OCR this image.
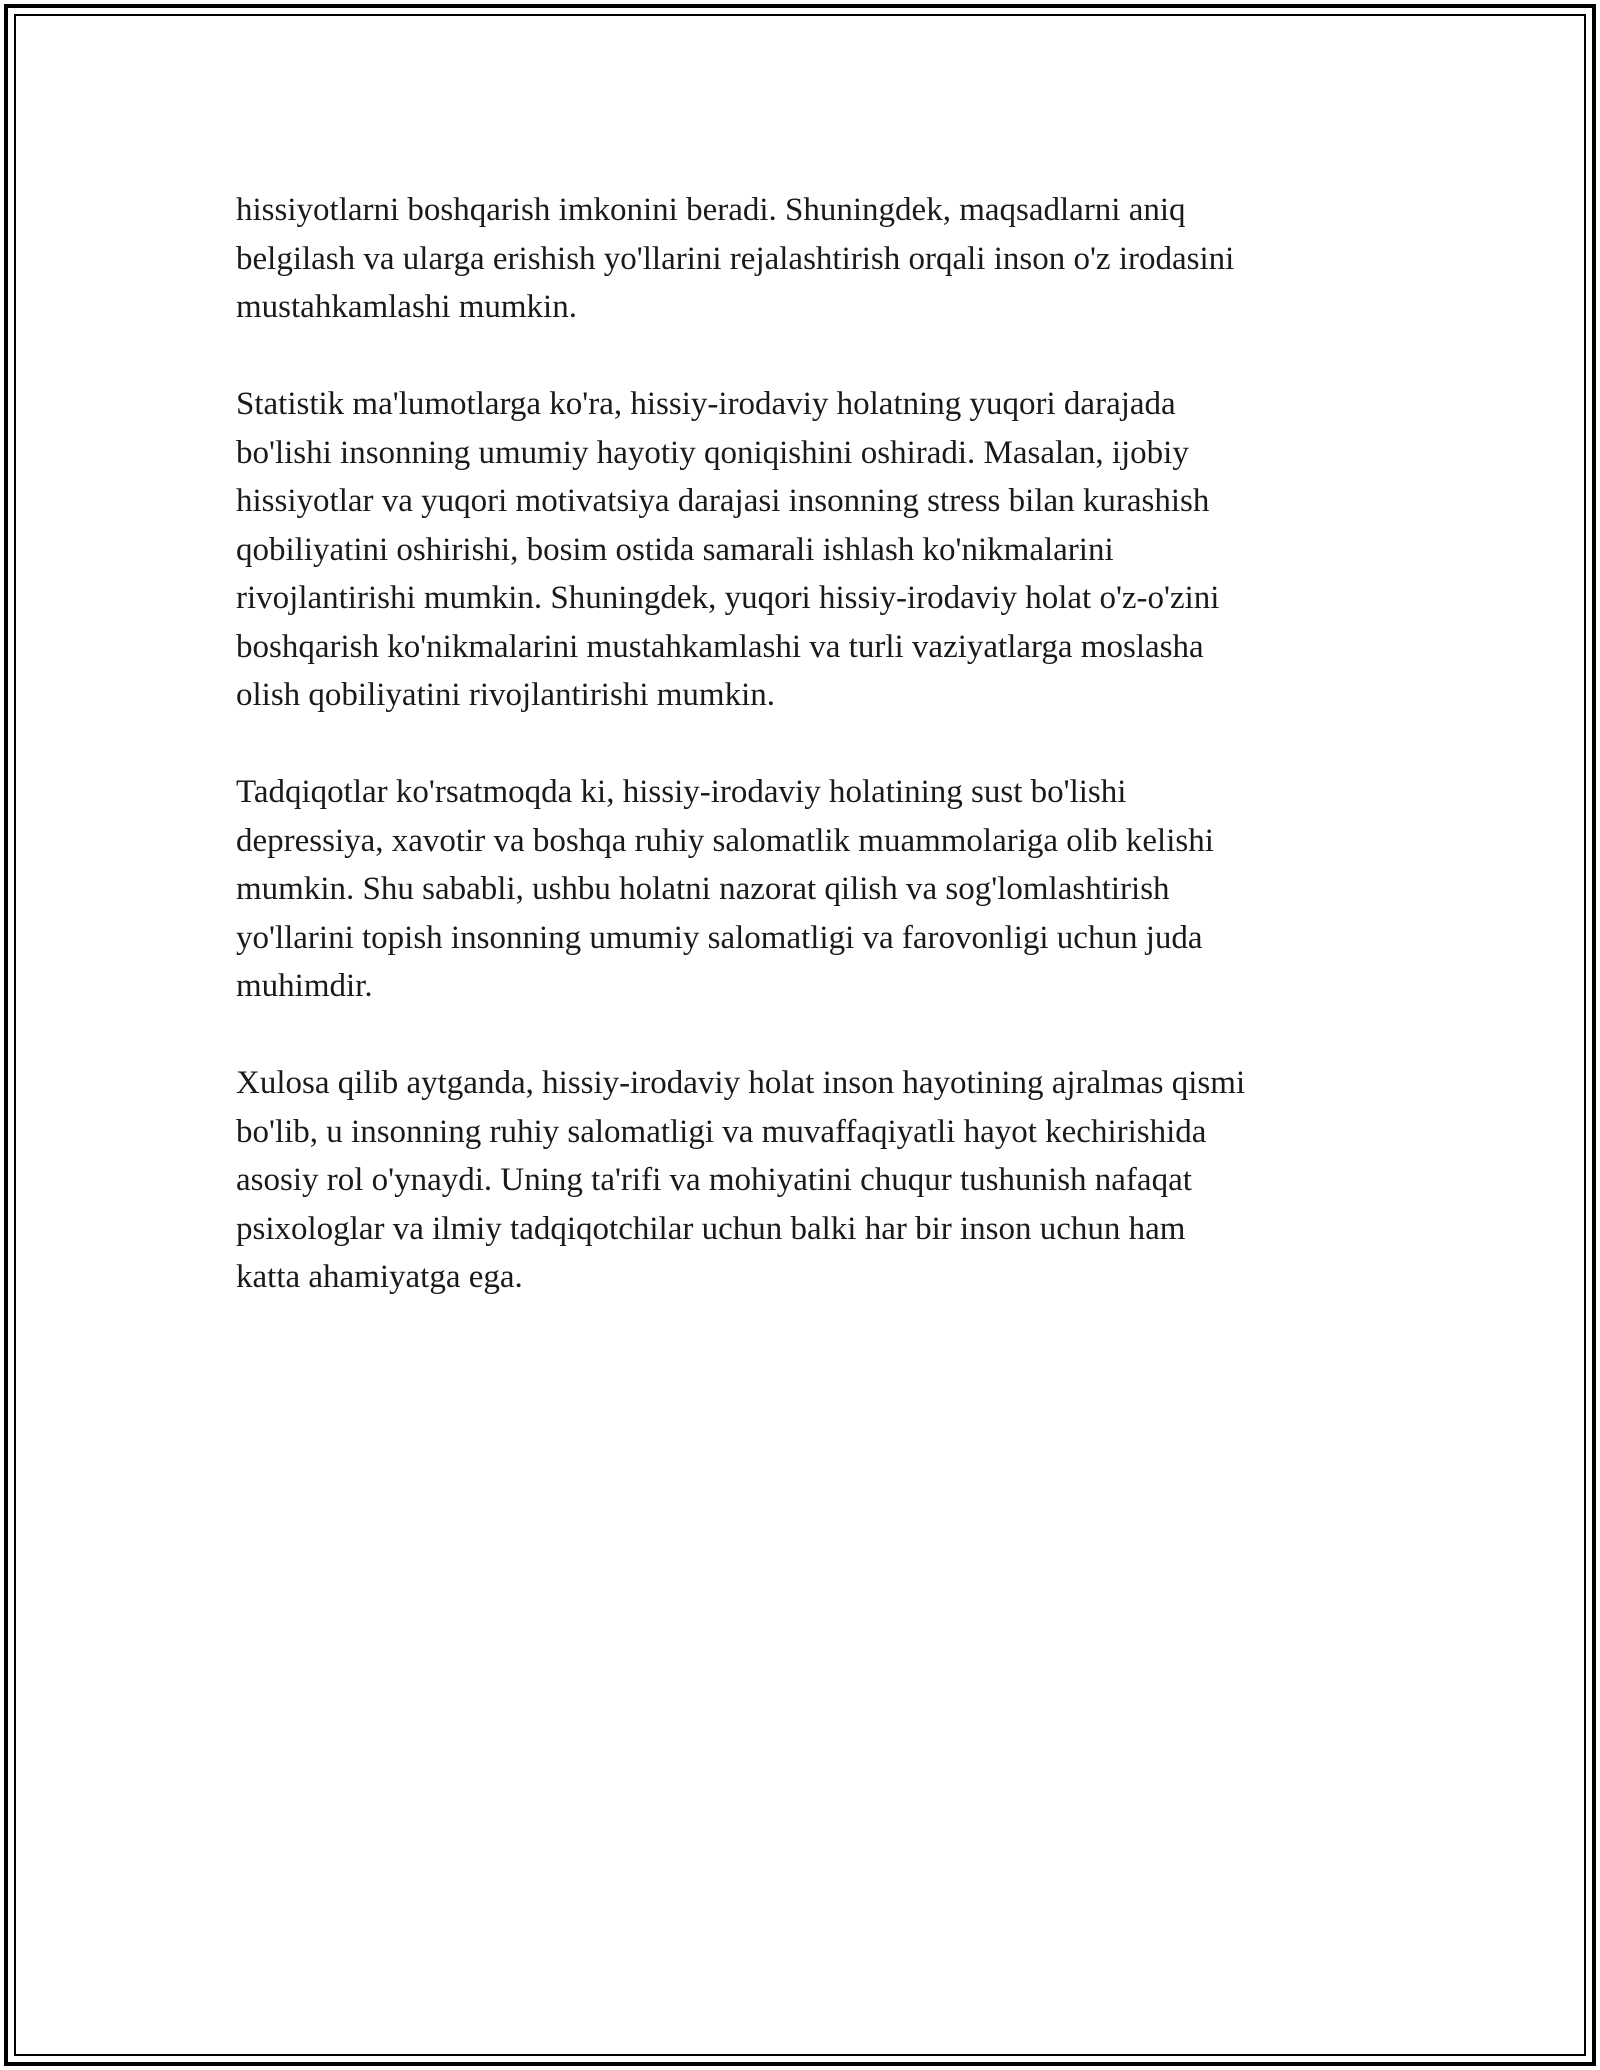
hissiyotlarni boshqarish imkonini beradi. Shuningdek, maqsadlarni aniq
belgilash va ularga erishish yo'llarini rejalashtirish orqali inson o'z irodasini
mustahkamlashi mumkin.

Statistik ma'lumotlarga ko'ra, hissiy-irodaviy holatning yuqori darajada
bo'lishi insonning umumiy hayotiy qoniqishini oshiradi. Masalan, ijobiy
hissiyotlar va yuqori motivatsiya darajasi insonning stress bilan kurashish
qobiliyatini oshirishi, bosim ostida samarali ishlash ko'nikmalarini
rivojlantirishi mumkin. Shuningdek, yuqori hissiy-irodaviy holat o'z-o'zini
boshqarish ko'nikmalarini mustahkamlashi va turli vaziyatlarga moslasha
olish qobiliyatini rivojlantirishi mumkin.

Tadqiqotlar ko'rsatmoqda ki, hissiy-irodaviy holatining sust bo'lishi
depressiya, xavotir va boshqa ruhiy salomatlik muammolariga olib kelishi
mumkin. Shu sababli, ushbu holatni nazorat qilish va sog'lomlashtirish
yo'llarini topish insonning umumiy salomatligi va farovonligi uchun juda
muhimdir.

Xulosa qilib aytganda, hissiy-irodaviy holat inson hayotining ajralmas qismi
bo'lib, u insonning ruhiy salomatligi va muvaffaqiyatli hayot kechirishida
asosiy rol o'ynaydi. Uning ta'rifi va mohiyatini chuqur tushunish nafaqat
psixologlar va ilmiy tadqiqotchilar uchun balki har bir inson uchun ham
katta ahamiyatga ega.
